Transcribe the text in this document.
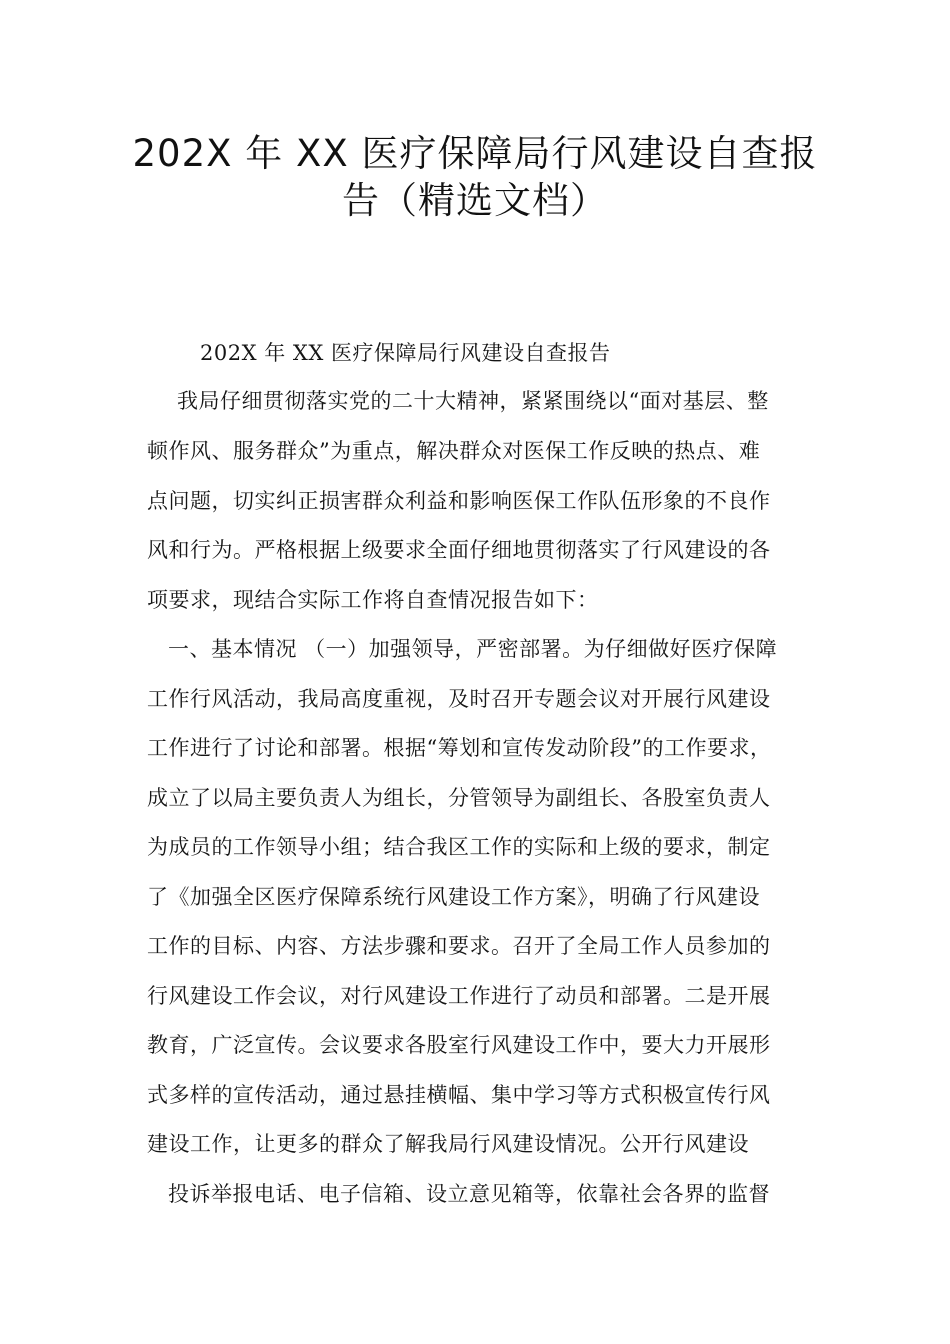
202X 年 XX 医疗保障局行风建设自查报
告（精选文档）
202X 年 XX 医疗保障局行风建设自查报告
我局仔细贯彻落实党的二十大精神，紧紧围绕以“面对基层、整
顿作风、服务群众”为重点，解决群众对医保工作反映的热点、难
点问题，切实纠正损害群众利益和影响医保工作队伍形象的不良作
风和行为。严格根据上级要求全面仔细地贯彻落实了行风建设的各
项要求，现结合实际工作将自查情况报告如下：
一、基本情况 （一）加强领导，严密部署。为仔细做好医疗保障
工作行风活动，我局高度重视，及时召开专题会议对开展行风建设
工作进行了讨论和部署。根据“筹划和宣传发动阶段”的工作要求，
成立了以局主要负责人为组长，分管领导为副组长、各股室负责人
为成员的工作领导小组；结合我区工作的实际和上级的要求，制定
了《加强全区医疗保障系统行风建设工作方案》，明确了行风建设
工作的目标、内容、方法步骤和要求。召开了全局工作人员参加的
行风建设工作会议，对行风建设工作进行了动员和部署。二是开展
教育，广泛宣传。会议要求各股室行风建设工作中，要大力开展形
式多样的宣传活动，通过悬挂横幅、集中学习等方式积极宣传行风
建设工作，让更多的群众了解我局行风建设情况。公开行风建设
投诉举报电话、电子信箱、设立意见箱等，依靠社会各界的监督
